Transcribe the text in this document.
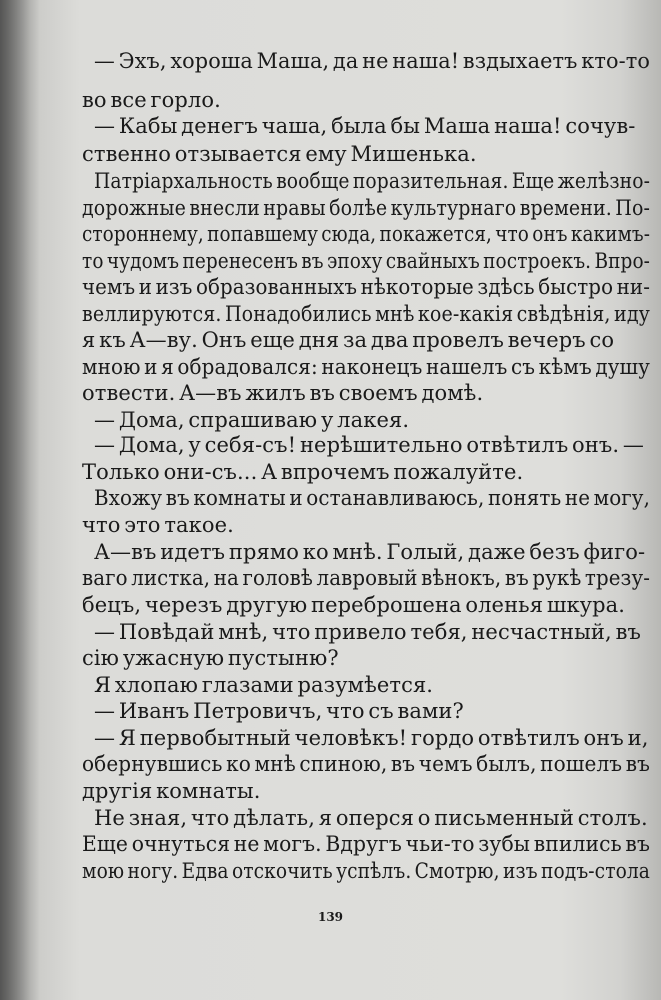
— Эхъ, хороша Маша, да не наша! вздыхаетъ кто-то
во все горло.
— Кабы денегъ чаша, была бы Маша наша! сочув-
ственно отзывается ему Мишенька.
Патріархальность вообще поразительная. Еще желѣзно-
дорожные внесли нравы болѣе культурнаго времени. По-
стороннему, попавшему сюда, покажется, что онъ какимъ-
то чудомъ перенесенъ въ эпоху свайныхъ построекъ. Впро-
чемъ и изъ образованныхъ нѣкоторые здѣсь быстро ни-
веллируются. Понадобились мнѣ кое-какія свѣдѣнія, иду
я къ А—ву. Онъ еще дня за два провелъ вечеръ со
мною и я обрадовался: наконецъ нашелъ съ кѣмъ душу
отвести. А—въ жилъ въ своемъ домѣ.
— Дома, спрашиваю у лакея.
— Дома, у себя-съ! нерѣшительно отвѣтилъ онъ. —
Только они-съ... А впрочемъ пожалуйте.
Вхожу въ комнаты и останавливаюсь, понять не могу,
что это такое.
А—въ идетъ прямо ко мнѣ. Голый, даже безъ фиго-
ваго листка, на головѣ лавровый вѣнокъ, въ рукѣ трезу-
бецъ, черезъ другую переброшена оленья шкура.
— Повѣдай мнѣ, что привело тебя, несчастный, въ
сію ужасную пустыню?
Я хлопаю глазами разумѣется.
— Иванъ Петровичъ, что съ вами?
— Я первобытный человѣкъ! гордо отвѣтилъ онъ и,
обернувшись ко мнѣ спиною, въ чемъ былъ, пошелъ въ
другія комнаты.
Не зная, что дѣлать, я оперся о письменный столъ.
Еще очнуться не могъ. Вдругъ чьи-то зубы впились въ
мою ногу. Едва отскочить успѣлъ. Смотрю, изъ подъ-стола
139
